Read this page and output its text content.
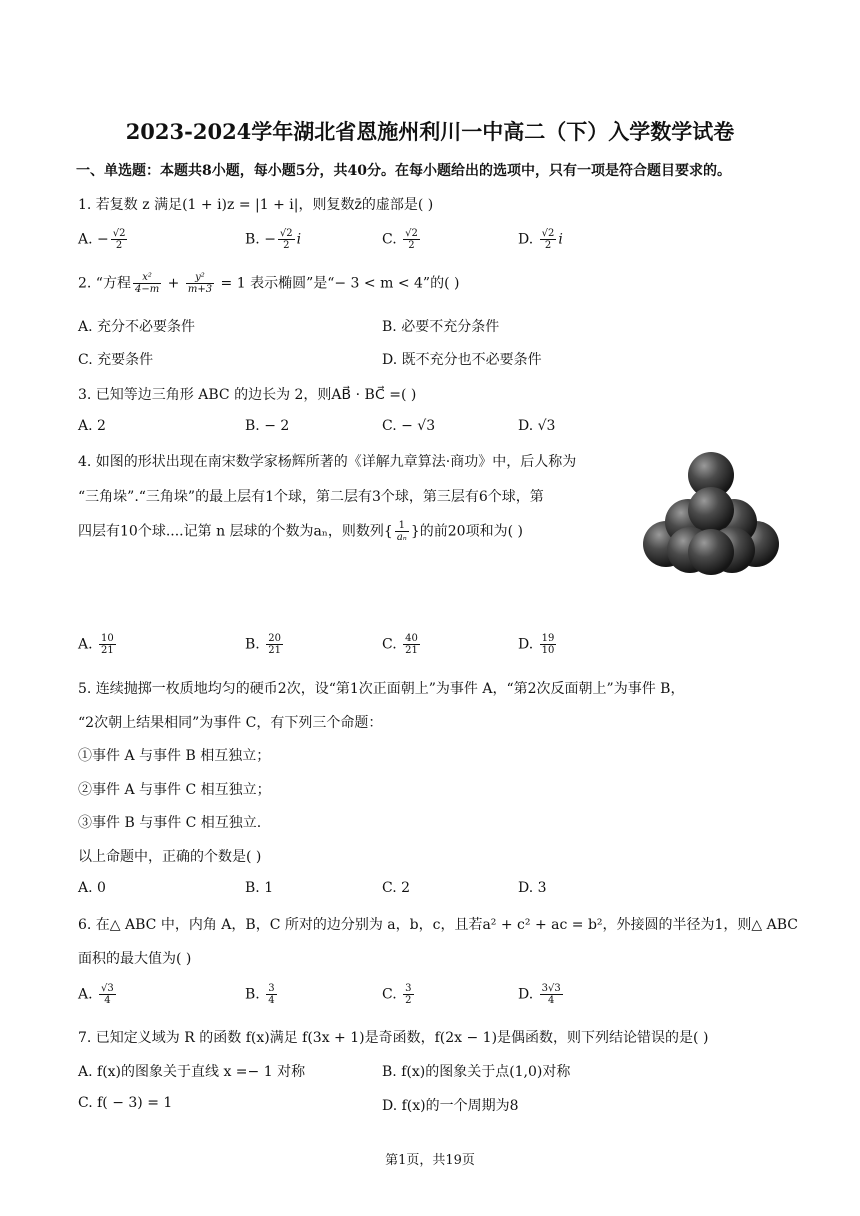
2023-2024学年湖北省恩施州利川一中高二（下）入学数学试卷
一、单选题：本题共8小题，每小题5分，共40分。在每小题给出的选项中，只有一项是符合题目要求的。
1. 若复数 z 满足(1 + i)z = |1 + i|，则复数z̄的虚部是( )
A. − $\frac{√2}{2}$	B. − $\frac{√2}{2}$ i	C. $\frac{√2}{2}$	D. $\frac{√2}{2}$ i
2. “方程 $\frac{\text{x²}}{4-m} + \frac{\text{y²}}{m+3} = 1$ 表示椭圆”是“− 3 < m < 4”的( )
A. 充分不必要条件	B. 必要不充分条件
C. 充要条件	D. 既不充分也不必要条件
3. 已知等边三角形 ABC 的边长为 2，则AB⃗ · BC⃗ =( )
A. 2	B. − 2	C. − √3	D. √3
4. 如图的形状出现在南宋数学家杨辉所著的《详解九章算法·商功》中，后人称为
“三角垛”.“三角垛”的最上层有1个球，第二层有3个球，第三层有6个球，第
四层有10个球....记第 n 层球的个数为aₙ，则数列{ $\frac{1}{\text{aₙ}}$ }的前20项和为( )
A. $\frac{10}{21}$	B. $\frac{20}{21}$	C. $\frac{40}{21}$	D. $\frac{19}{10}$
5. 连续抛掷一枚质地均匀的硬币2次，设“第1次正面朝上”为事件 A，“第2次反面朝上”为事件 B，
“2次朝上结果相同”为事件 C，有下列三个命题：
①事件 A 与事件 B 相互独立；
②事件 A 与事件 C 相互独立；
③事件 B 与事件 C 相互独立.
以上命题中，正确的个数是( )
A. 0	B. 1	C. 2	D. 3
6. 在△ ABC 中，内角 A，B，C 所对的边分别为 a，b，c，且若a² + c² + ac = b²，外接圆的半径为1，则△ ABC
面积的最大值为( )
A. $\frac{√3}{4}$	B. $\frac{3}{4}$	C. $\frac{3}{2}$	D. $\frac{3√3}{4}$
7. 已知定义域为 R 的函数 f(x)满足 f(3x + 1)是奇函数，f(2x − 1)是偶函数，则下列结论错误的是( )
A. f(x)的图象关于直线 x =− 1 对称	B. f(x)的图象关于点(1,0)对称
C. f( − 3) = 1	D. f(x)的一个周期为8
第1页，共19页
